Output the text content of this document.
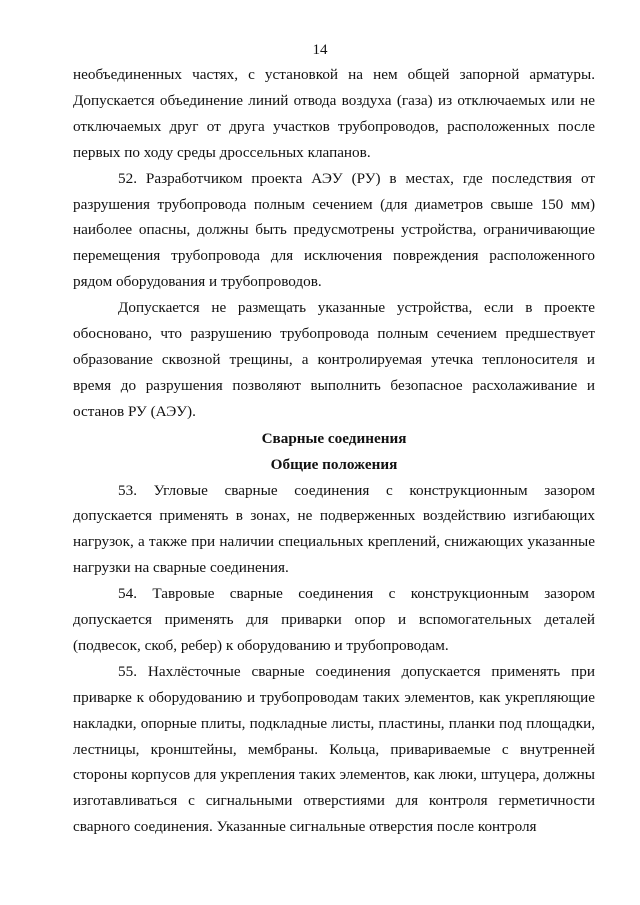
14

необъединенных частях, с установкой на нем общей запорной арматуры. Допускается объединение линий отвода воздуха (газа) из отключаемых или не отключаемых друг от друга участков трубопроводов, расположенных после первых по ходу среды дроссельных клапанов.

52. Разработчиком проекта АЭУ (РУ) в местах, где последствия от разрушения трубопровода полным сечением (для диаметров свыше 150 мм) наиболее опасны, должны быть предусмотрены устройства, ограничивающие перемещения трубопровода для исключения повреждения расположенного рядом оборудования и трубопроводов.

Допускается не размещать указанные устройства, если в проекте обосновано, что разрушению трубопровода полным сечением предшествует образование сквозной трещины, а контролируемая утечка теплоносителя и время до разрушения позволяют выполнить безопасное расхолаживание и останов РУ (АЭУ).

Сварные соединения
Общие положения

53. Угловые сварные соединения с конструкционным зазором допускается применять в зонах, не подверженных воздействию изгибающих нагрузок, а также при наличии специальных креплений, снижающих указанные нагрузки на сварные соединения.

54. Тавровые сварные соединения с конструкционным зазором допускается применять для приварки опор и вспомогательных деталей (подвесок, скоб, ребер) к оборудованию и трубопроводам.

55. Нахлёсточные сварные соединения допускается применять при приварке к оборудованию и трубопроводам таких элементов, как укрепляющие накладки, опорные плиты, подкладные листы, пластины, планки под площадки, лестницы, кронштейны, мембраны. Кольца, привариваемые с внутренней стороны корпусов для укрепления таких элементов, как люки, штуцера, должны изготавливаться с сигнальными отверстиями для контроля герметичности сварного соединения. Указанные сигнальные отверстия после контроля
